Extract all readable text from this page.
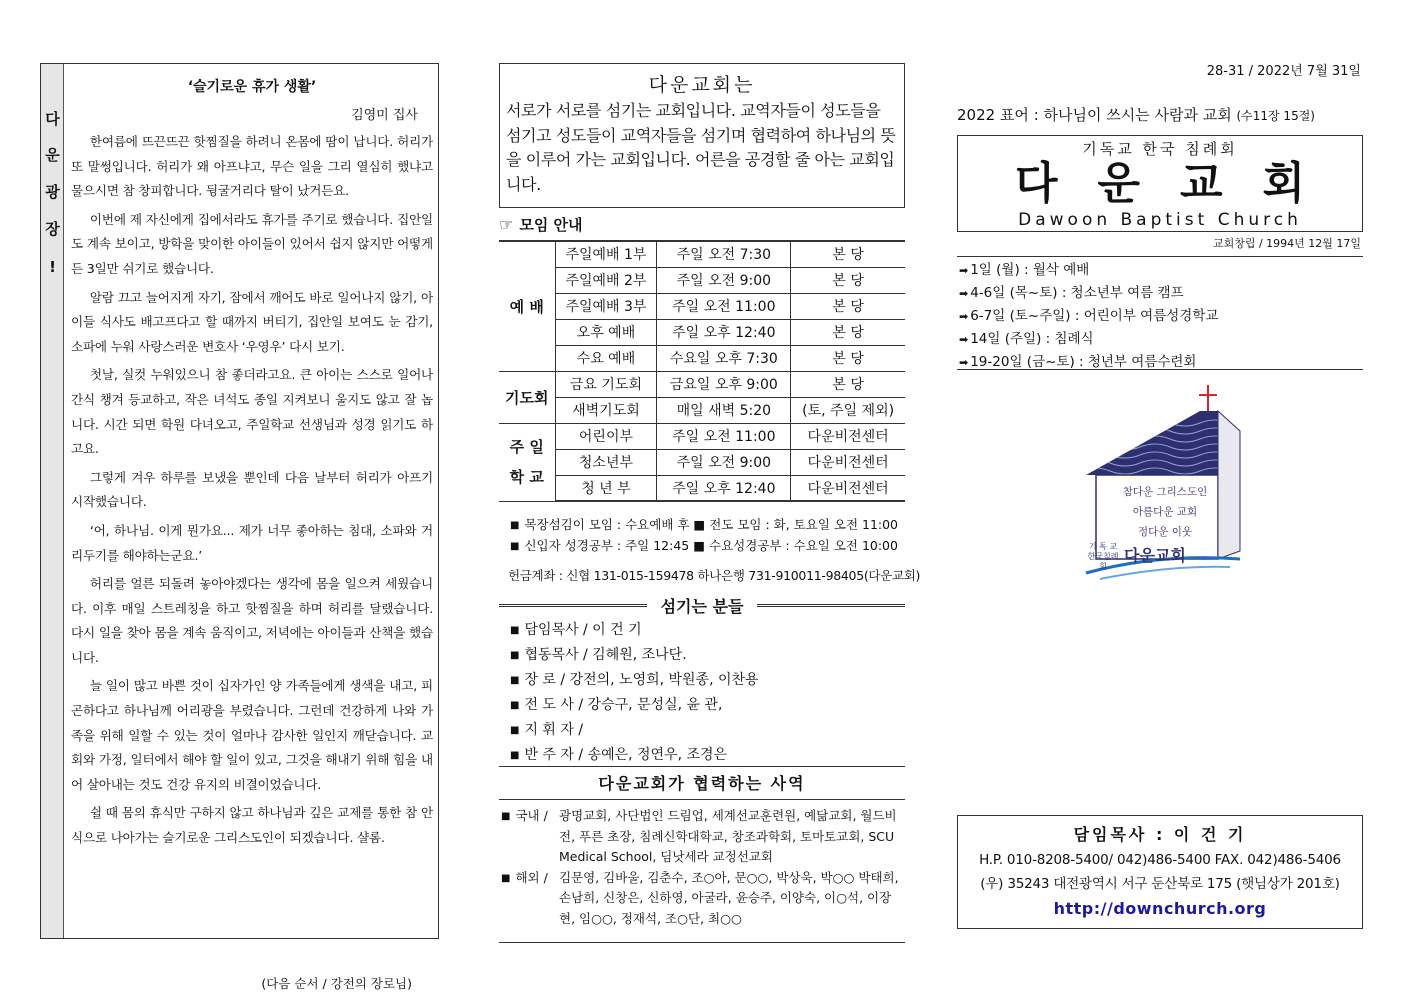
다
운
광
장
!
‘슬기로운 휴가 생활’
김영미 집사

한여름에 뜨끈뜨끈 핫찜질을 하려니 온몸에 땀이 납니다. 허리가 또 말썽입니다. 허리가 왜 아프냐고, 무슨 일을 그리 열심히 했냐고 물으시면 참 창피합니다. 뒹굴거리다 탈이 났거든요.

이번에 제 자신에게 집에서라도 휴가를 주기로 했습니다. 집안일도 계속 보이고, 방학을 맞이한 아이들이 있어서 쉽지 않지만 어떻게든 3일만 쉬기로 했습니다.

알람 끄고 늘어지게 자기, 잠에서 깨어도 바로 일어나지 않기, 아이들 식사도 배고프다고 할 때까지 버티기, 집안일 보여도 눈 감기, 소파에 누워 사랑스러운 변호사 ‘우영우’ 다시 보기.

첫날, 실컷 누워있으니 참 좋더라고요. 큰 아이는 스스로 일어나 간식 챙겨 등교하고, 작은 녀석도 종일 지켜보니 울지도 않고 잘 놉니다. 시간 되면 학원 다녀오고, 주일학교 선생님과 성경 읽기도 하고요.

그렇게 겨우 하루를 보냈을 뿐인데 다음 날부터 허리가 아프기 시작했습니다.

‘어, 하나님. 이게 뭔가요... 제가 너무 좋아하는 침대, 소파와 거리두기를 해야하는군요.’

허리를 얼른 되돌려 놓아야겠다는 생각에 몸을 일으켜 세웠습니다. 이후 매일 스트레칭을 하고 핫찜질을 하며 허리를 달랬습니다. 다시 일을 찾아 몸을 계속 움직이고, 저녁에는 아이들과 산책을 했습니다.

늘 일이 많고 바쁜 것이 십자가인 양 가족들에게 생색을 내고, 피곤하다고 하나님께 어리광을 부렸습니다. 그런데 건강하게 나와 가족을 위해 일할 수 있는 것이 얼마나 감사한 일인지 깨닫습니다. 교회와 가정, 일터에서 해야 할 일이 있고, 그것을 해내기 위해 힘을 내어 살아내는 것도 건강 유지의 비결이었습니다.

쉴 때 몸의 휴식만 구하지 않고 하나님과 깊은 교제를 통한 참 안식으로 나아가는 슬기로운 그리스도인이 되겠습니다. 샬롬.

(다음 순서 / 강전의 장로님)
다운교회는
서로가 서로를 섬기는 교회입니다. 교역자들이 성도들을 섬기고 성도들이 교역자들을 섬기며 협력하여 하나님의 뜻을 이루어 가는 교회입니다. 어른을 공경할 줄 아는 교회입니다.
☞ 모임 안내
예 배	주일예배 1부	주일 오전 7:30	본 당
	주일예배 2부	주일 오전 9:00	본 당
	주일예배 3부	주일 오전 11:00	본 당
	오후 예배	주일 오후 12:40	본 당
	수요 예배	수요일 오후 7:30	본 당
기도회	금요 기도회	금요일 오후 9:00	본 당
	새벽기도회	매일 새벽 5:20	(토, 주일 제외)
주 일 학 교	어린이부	주일 오전 11:00	다운비전센터
	청소년부	주일 오전 9:00	다운비전센터
	청 년 부	주일 오후 12:40	다운비전센터
■ 목장섬김이 모임 : 수요예배 후 ■ 전도 모임 : 화, 토요일 오전 11:00
■ 신입자 성경공부 : 주일 12:45 ■ 수요성경공부 : 수요일 오전 10:00
헌금계좌 : 신협 131-015-159478 하나은행 731-910011-98405(다운교회)
섬기는 분들
■ 담임목사 / 이 건 기
■ 협동목사 / 김혜원, 조나단.
■ 장 로 / 강전의, 노영희, 박원종, 이찬용
■ 전 도 사 / 강승구, 문성실, 윤 관,
■ 지 휘 자 /
■ 반 주 자 / 송예은, 정연우, 조경은
다운교회가 협력하는 사역
■ 국내 / 광명교회, 사단법인 드림업, 세계선교훈련원, 예닮교회, 월드비전, 푸른 초장, 침례신학대학교, 창조과학회, 토마토교회, SCU Medical School, 딤낫세라 교정선교회
■ 해외 / 김문영, 김바울, 김춘수, 조○아, 문○○, 박상욱, 박○○ 박태희, 손남희, 신창은, 신하영, 아굴라, 윤승주, 이양숙, 이○석, 이장현, 임○○, 정재석, 조○단, 최○○
28-31 / 2022년 7월 31일
2022 표어 : 하나님이 쓰시는 사람과 교회 (수11장 15절)
기독교 한국 침례회
다운교회
Dawoon Baptist Church
교회창립 / 1994년 12월 17일
➡ 1일 (월) : 월삭 예배
➡ 4-6일 (목~토) : 청소년부 여름 캠프
➡ 6-7일 (토~주일) : 어린이부 여름성경학교
➡ 14일 (주일) : 침례식
➡ 19-20일 (금~토) : 청년부 여름수련회
참다운 그리스도인
아름다운 교회
정다운 이웃
기 독 교
한국침례회
다운교회
담임목사 : 이 건 기
H.P. 010-8208-5400/ 042)486-5400 FAX. 042)486-5406
(우) 35243 대전광역시 서구 둔산북로 175 (햇님상가 201호)
http://downchurch.org
